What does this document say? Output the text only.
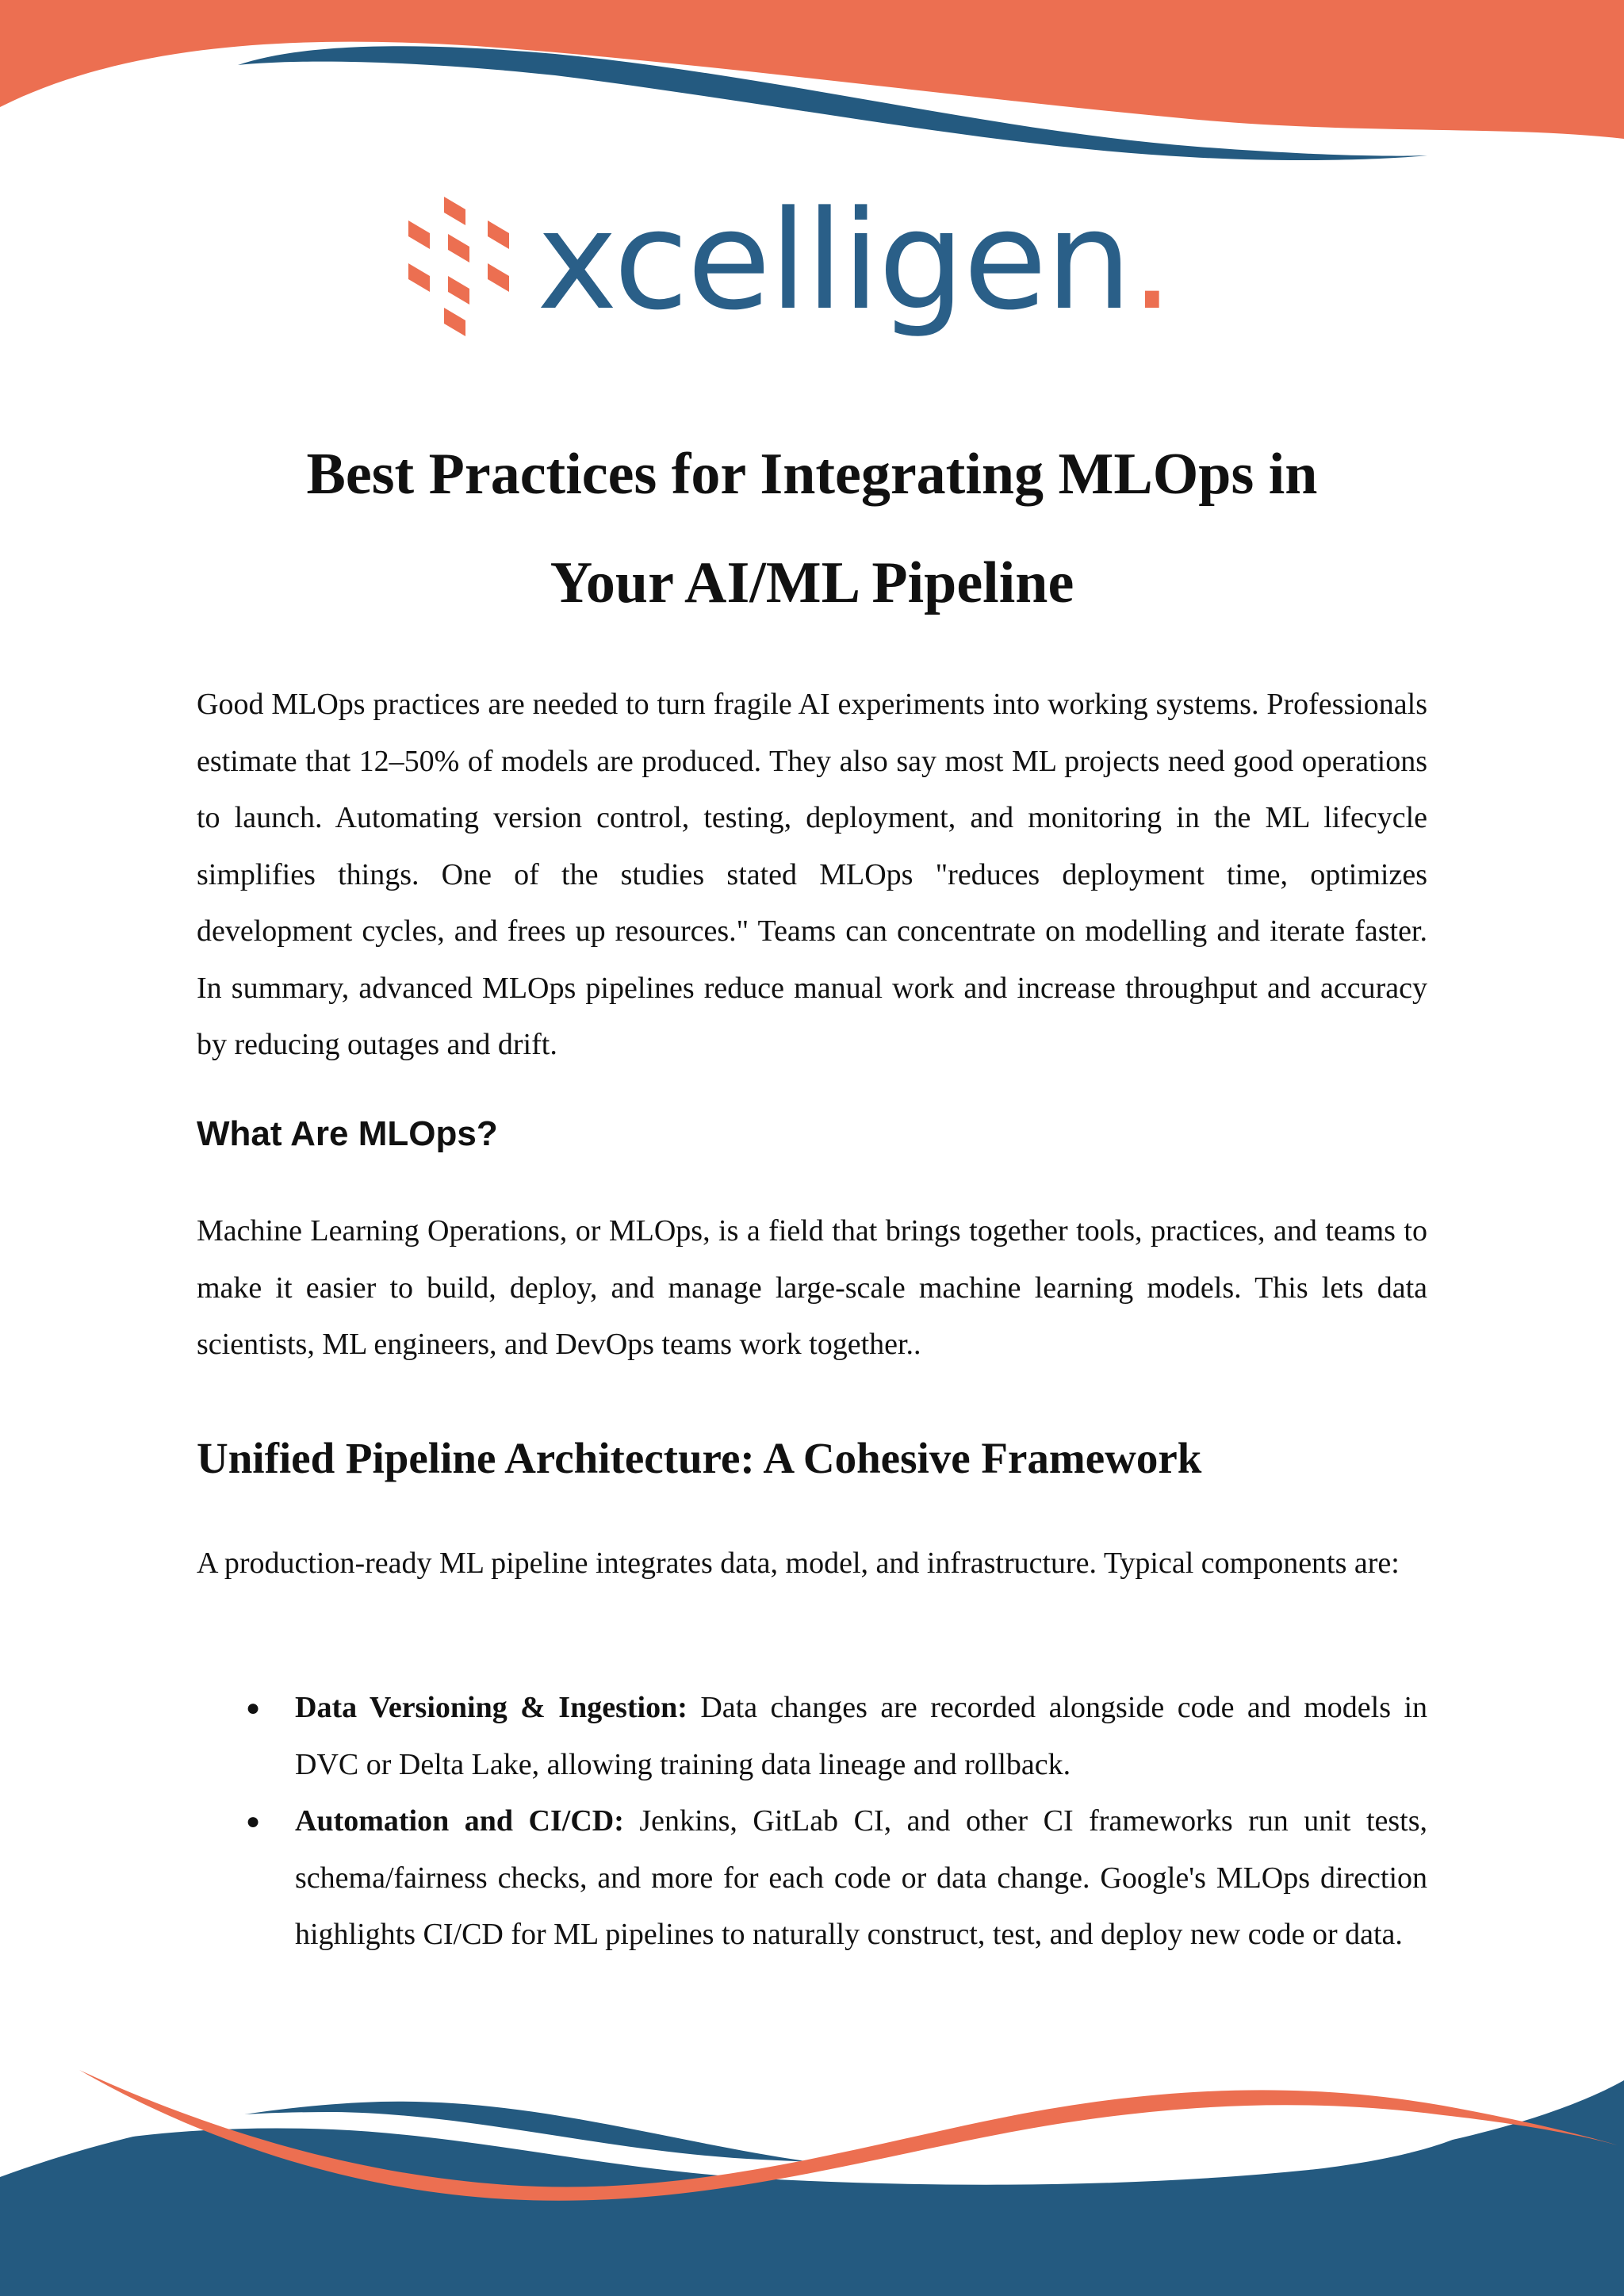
xcelligen.
Best Practices for Integrating MLOps in
Your AI/ML Pipeline

Good MLOps practices are needed to turn fragile AI experiments into working systems. Professionals estimate that 12–50% of models are produced. They also say most ML projects need good operations to launch. Automating version control, testing, deployment, and monitoring in the ML lifecycle simplifies things. One of the studies stated MLOps "reduces deployment time, optimizes development cycles, and frees up resources." Teams can concentrate on modelling and iterate faster. In summary, advanced MLOps pipelines reduce manual work and increase throughput and accuracy by reducing outages and drift.

What Are MLOps?

Machine Learning Operations, or MLOps, is a field that brings together tools, practices, and teams to make it easier to build, deploy, and manage large-scale machine learning models. This lets data scientists, ML engineers, and DevOps teams work together..

Unified Pipeline Architecture: A Cohesive Framework

A production-ready ML pipeline integrates data, model, and infrastructure. Typical components are:

● Data Versioning & Ingestion: Data changes are recorded alongside code and models in DVC or Delta Lake, allowing training data lineage and rollback.
● Automation and CI/CD: Jenkins, GitLab CI, and other CI frameworks run unit tests, schema/fairness checks, and more for each code or data change. Google's MLOps direction highlights CI/CD for ML pipelines to naturally construct, test, and deploy new code or data.
